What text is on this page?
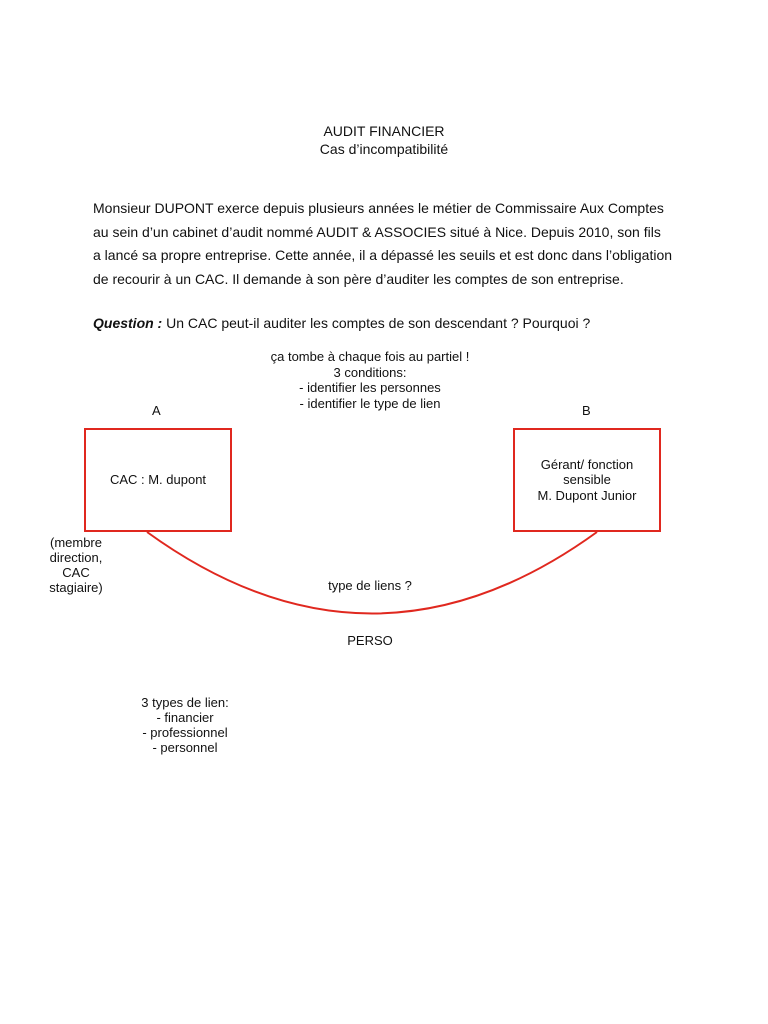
AUDIT FINANCIER
Cas d’incompatibilité

Monsieur DUPONT exerce depuis plusieurs années le métier de Commissaire Aux Comptes

au sein d’un cabinet d’audit nommé AUDIT & ASSOCIES situé à Nice. Depuis 2010, son fils

a lancé sa propre entreprise. Cette année, il a dépassé les seuils et est donc dans l’obligation

de recourir à un CAC. Il demande à son père d’auditer les comptes de son entreprise.

Question : Un CAC peut-il auditer les comptes de son descendant ? Pourquoi ?
ça tombe à chaque fois au partiel !
3 conditions:
- identifier les personnes
- identifier le type de lien
A	B
CAC : M. dupont
Gérant/ fonction
sensible
M. Dupont Junior
(membre
direction,
CAC
stagiaire)	type de liens ?
PERSO
3 types de lien:
- financier
- professionnel
- personnel
